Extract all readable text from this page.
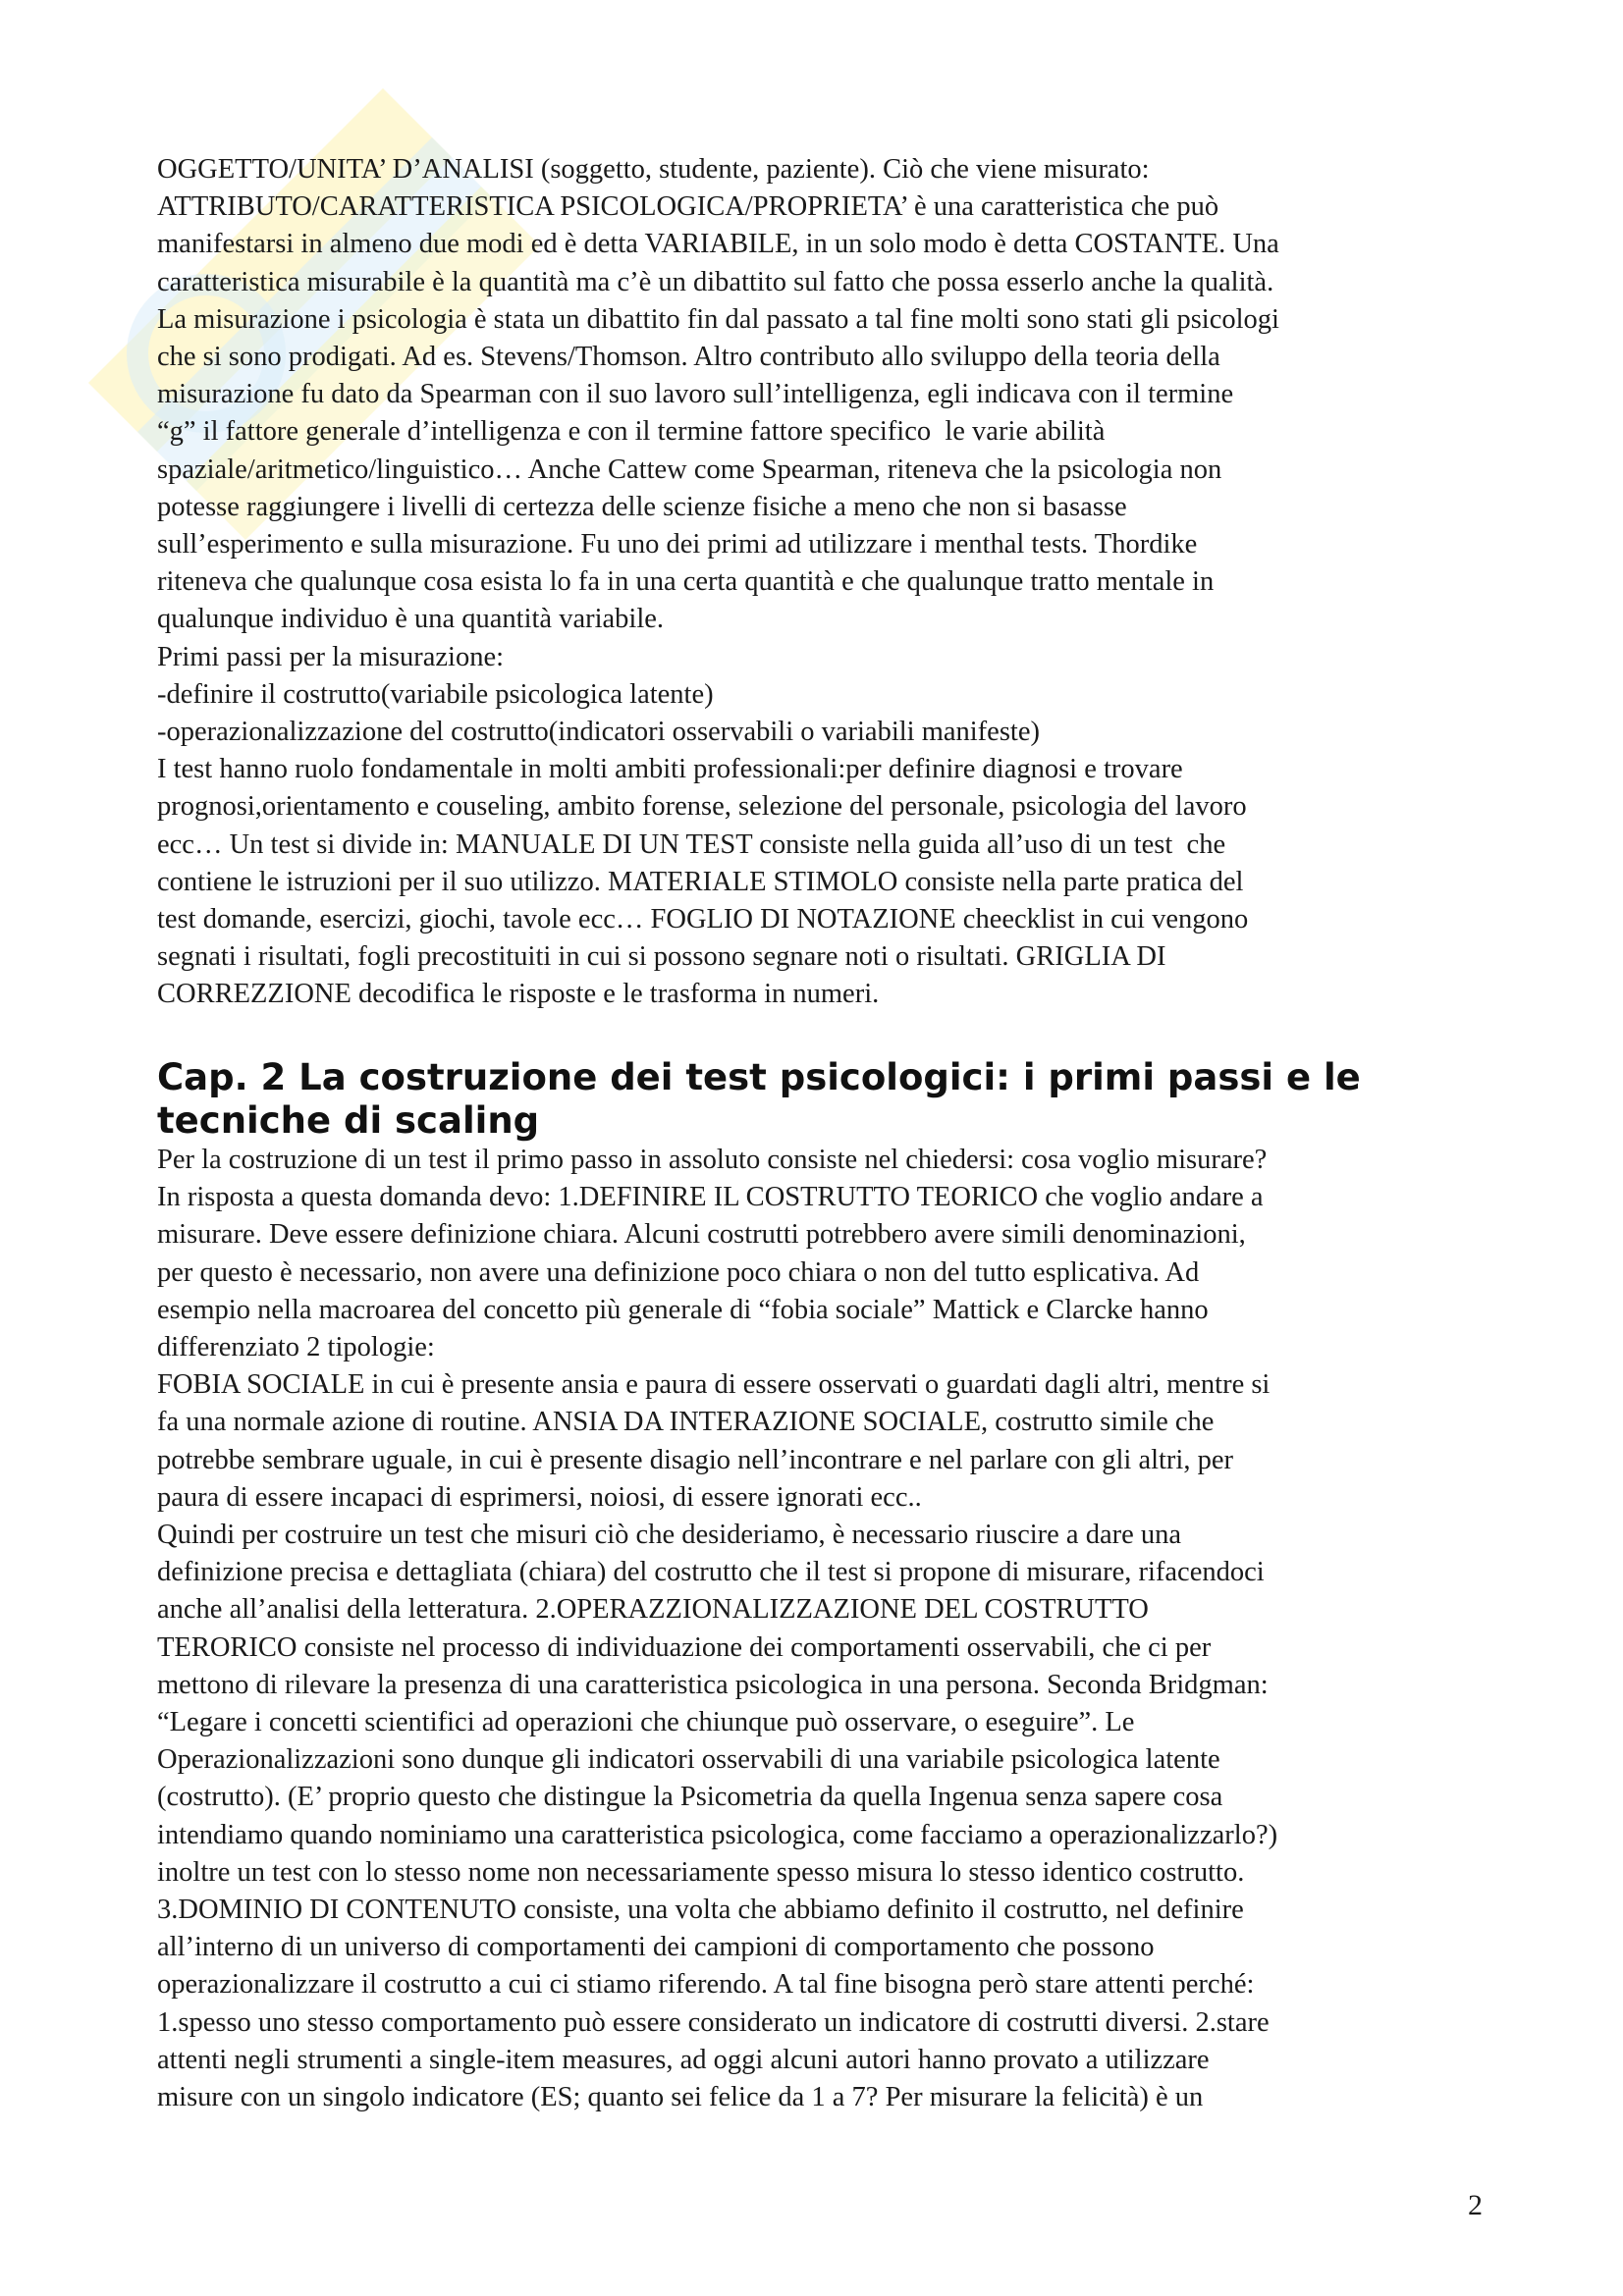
OGGETTO/UNITA’ D’ANALISI (soggetto, studente, paziente). Ciò che viene misurato:
ATTRIBUTO/CARATTERISTICA PSICOLOGICA/PROPRIETA’ è una caratteristica che può
manifestarsi in almeno due modi ed è detta VARIABILE, in un solo modo è detta COSTANTE. Una
caratteristica misurabile è la quantità ma c’è un dibattito sul fatto che possa esserlo anche la qualità.
La misurazione i psicologia è stata un dibattito fin dal passato a tal fine molti sono stati gli psicologi
che si sono prodigati. Ad es. Stevens/Thomson. Altro contributo allo sviluppo della teoria della
misurazione fu dato da Spearman con il suo lavoro sull’intelligenza, egli indicava con il termine
“g” il fattore generale d’intelligenza e con il termine fattore specifico  le varie abilità
spaziale/aritmetico/linguistico… Anche Cattew come Spearman, riteneva che la psicologia non
potesse raggiungere i livelli di certezza delle scienze fisiche a meno che non si basasse
sull’esperimento e sulla misurazione. Fu uno dei primi ad utilizzare i menthal tests. Thordike
riteneva che qualunque cosa esista lo fa in una certa quantità e che qualunque tratto mentale in
qualunque individuo è una quantità variabile.
Primi passi per la misurazione:
-definire il costrutto(variabile psicologica latente)
-operazionalizzazione del costrutto(indicatori osservabili o variabili manifeste)
I test hanno ruolo fondamentale in molti ambiti professionali:per definire diagnosi e trovare
prognosi,orientamento e couseling, ambito forense, selezione del personale, psicologia del lavoro
ecc… Un test si divide in: MANUALE DI UN TEST consiste nella guida all’uso di un test  che
contiene le istruzioni per il suo utilizzo. MATERIALE STIMOLO consiste nella parte pratica del
test domande, esercizi, giochi, tavole ecc… FOGLIO DI NOTAZIONE cheecklist in cui vengono
segnati i risultati, fogli precostituiti in cui si possono segnare noti o risultati. GRIGLIA DI
CORREZZIONE decodifica le risposte e le trasforma in numeri.
Cap. 2 La costruzione dei test psicologici: i primi passi e le
tecniche di scaling
Per la costruzione di un test il primo passo in assoluto consiste nel chiedersi: cosa voglio misurare?
In risposta a questa domanda devo: 1.DEFINIRE IL COSTRUTTO TEORICO che voglio andare a
misurare. Deve essere definizione chiara. Alcuni costrutti potrebbero avere simili denominazioni,
per questo è necessario, non avere una definizione poco chiara o non del tutto esplicativa. Ad
esempio nella macroarea del concetto più generale di “fobia sociale” Mattick e Clarcke hanno
differenziato 2 tipologie:
FOBIA SOCIALE in cui è presente ansia e paura di essere osservati o guardati dagli altri, mentre si
fa una normale azione di routine. ANSIA DA INTERAZIONE SOCIALE, costrutto simile che
potrebbe sembrare uguale, in cui è presente disagio nell’incontrare e nel parlare con gli altri, per
paura di essere incapaci di esprimersi, noiosi, di essere ignorati ecc..
Quindi per costruire un test che misuri ciò che desideriamo, è necessario riuscire a dare una
definizione precisa e dettagliata (chiara) del costrutto che il test si propone di misurare, rifacendoci
anche all’analisi della letteratura. 2.OPERAZZIONALIZZAZIONE DEL COSTRUTTO
TERORICO consiste nel processo di individuazione dei comportamenti osservabili, che ci per
mettono di rilevare la presenza di una caratteristica psicologica in una persona. Seconda Bridgman:
“Legare i concetti scientifici ad operazioni che chiunque può osservare, o eseguire”. Le
Operazionalizzazioni sono dunque gli indicatori osservabili di una variabile psicologica latente
(costrutto). (E’ proprio questo che distingue la Psicometria da quella Ingenua senza sapere cosa
intendiamo quando nominiamo una caratteristica psicologica, come facciamo a operazionalizzarlo?)
inoltre un test con lo stesso nome non necessariamente spesso misura lo stesso identico costrutto.
3.DOMINIO DI CONTENUTO consiste, una volta che abbiamo definito il costrutto, nel definire
all’interno di un universo di comportamenti dei campioni di comportamento che possono
operazionalizzare il costrutto a cui ci stiamo riferendo. A tal fine bisogna però stare attenti perché:
1.spesso uno stesso comportamento può essere considerato un indicatore di costrutti diversi. 2.stare
attenti negli strumenti a single-item measures, ad oggi alcuni autori hanno provato a utilizzare
misure con un singolo indicatore (ES; quanto sei felice da 1 a 7? Per misurare la felicità) è un
2
